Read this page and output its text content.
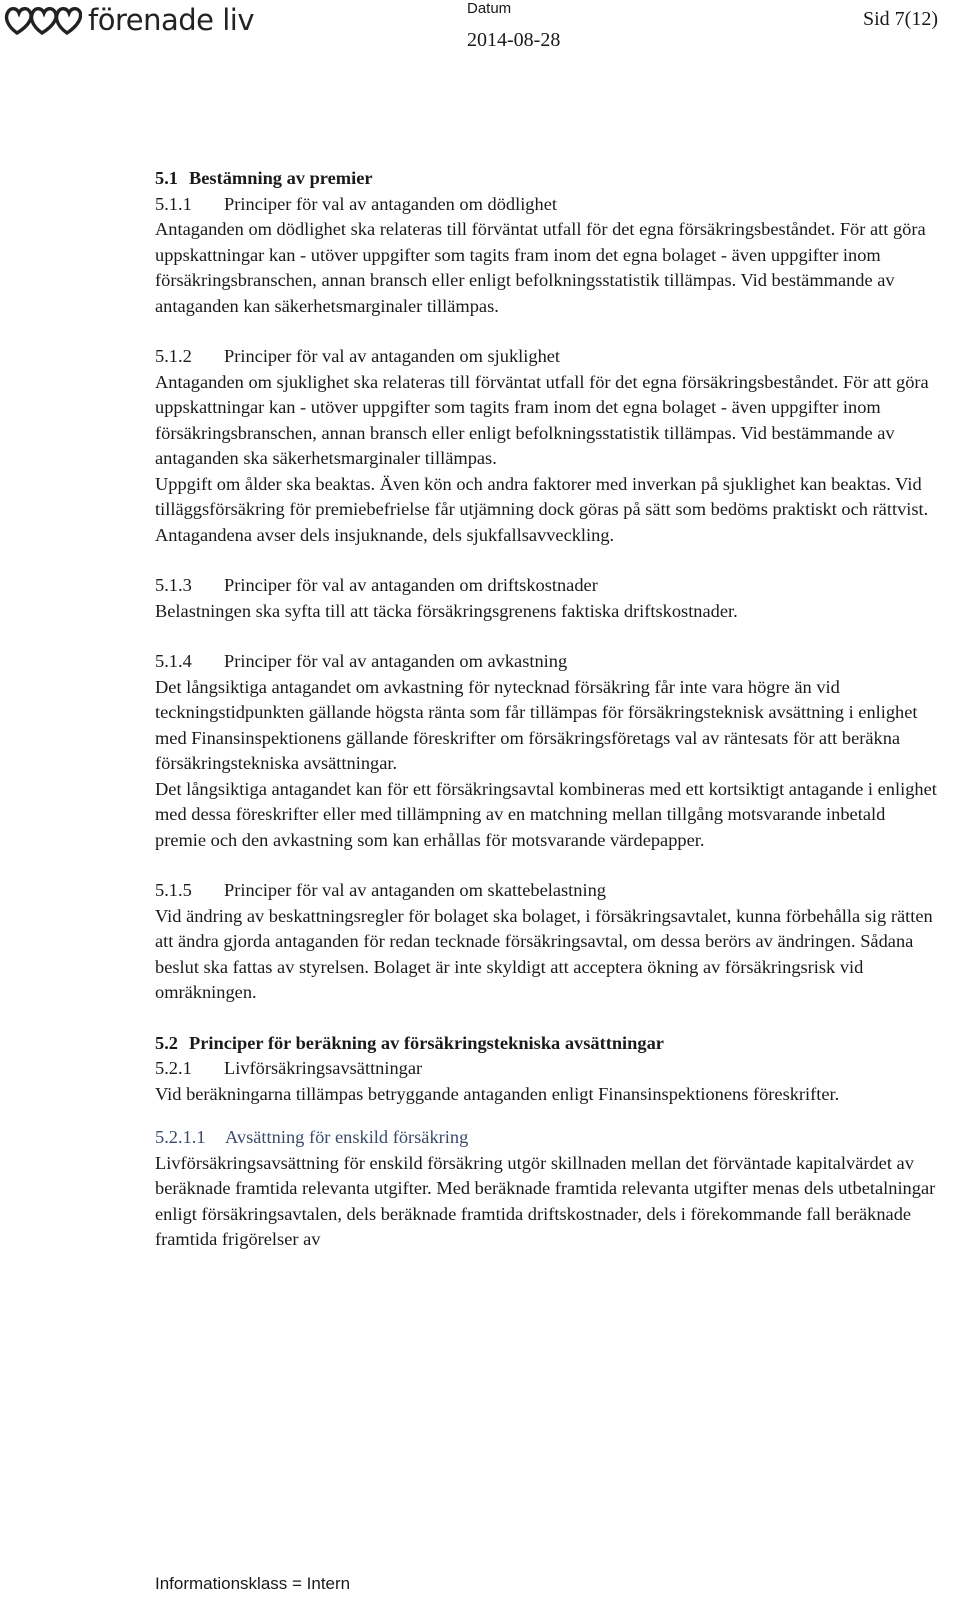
förenade liv	Datum
2014-08-28
Sid 7(12)

5.1 Bestämning av premier

5.1.1 Principer för val av antaganden om dödlighet

Antaganden om dödlighet ska relateras till förväntat utfall för det egna försäkringsbeståndet. För att göra uppskattningar kan - utöver uppgifter som tagits fram inom det egna bolaget - även uppgifter inom försäkringsbranschen, annan bransch eller enligt befolkningsstatistik tillämpas. Vid bestämmande av antaganden kan säkerhetsmarginaler tillämpas.

5.1.2 Principer för val av antaganden om sjuklighet

Antaganden om sjuklighet ska relateras till förväntat utfall för det egna försäkringsbeståndet. För att göra uppskattningar kan - utöver uppgifter som tagits fram inom det egna bolaget - även uppgifter inom försäkringsbranschen, annan bransch eller enligt befolkningsstatistik tillämpas. Vid bestämmande av antaganden ska säkerhetsmarginaler tillämpas.

Uppgift om ålder ska beaktas. Även kön och andra faktorer med inverkan på sjuklighet kan beaktas. Vid tilläggsförsäkring för premiebefrielse får utjämning dock göras på sätt som bedöms praktiskt och rättvist.

Antagandena avser dels insjuknande, dels sjukfallsavveckling.

5.1.3 Principer för val av antaganden om driftskostnader

Belastningen ska syfta till att täcka försäkringsgrenens faktiska driftskostnader.

5.1.4 Principer för val av antaganden om avkastning

Det långsiktiga antagandet om avkastning för nytecknad försäkring får inte vara högre än vid teckningstidpunkten gällande högsta ränta som får tillämpas för försäkringsteknisk avsättning i enlighet med Finansinspektionens gällande föreskrifter om försäkringsföretags val av räntesats för att beräkna försäkringstekniska avsättningar.

Det långsiktiga antagandet kan för ett försäkringsavtal kombineras med ett kortsiktigt antagande i enlighet med dessa föreskrifter eller med tillämpning av en matchning mellan tillgång motsvarande inbetald premie och den avkastning som kan erhållas för motsvarande värdepapper.

5.1.5 Principer för val av antaganden om skattebelastning

Vid ändring av beskattningsregler för bolaget ska bolaget, i försäkringsavtalet, kunna förbehålla sig rätten att ändra gjorda antaganden för redan tecknade försäkringsavtal, om dessa berörs av ändringen. Sådana beslut ska fattas av styrelsen. Bolaget är inte skyldigt att acceptera ökning av försäkringsrisk vid omräkningen.

5.2 Principer för beräkning av försäkringstekniska avsättningar

5.2.1 Livförsäkringsavsättningar

Vid beräkningarna tillämpas betryggande antaganden enligt Finansinspektionens föreskrifter.

5.2.1.1 Avsättning för enskild försäkring

Livförsäkringsavsättning för enskild försäkring utgör skillnaden mellan det förväntade kapitalvärdet av beräknade framtida relevanta utgifter. Med beräknade framtida relevanta utgifter menas dels utbetalningar enligt försäkringsavtalen, dels beräknade framtida driftskostnader, dels i förekommande fall beräknade framtida frigörelser av

Informationsklass = Intern
